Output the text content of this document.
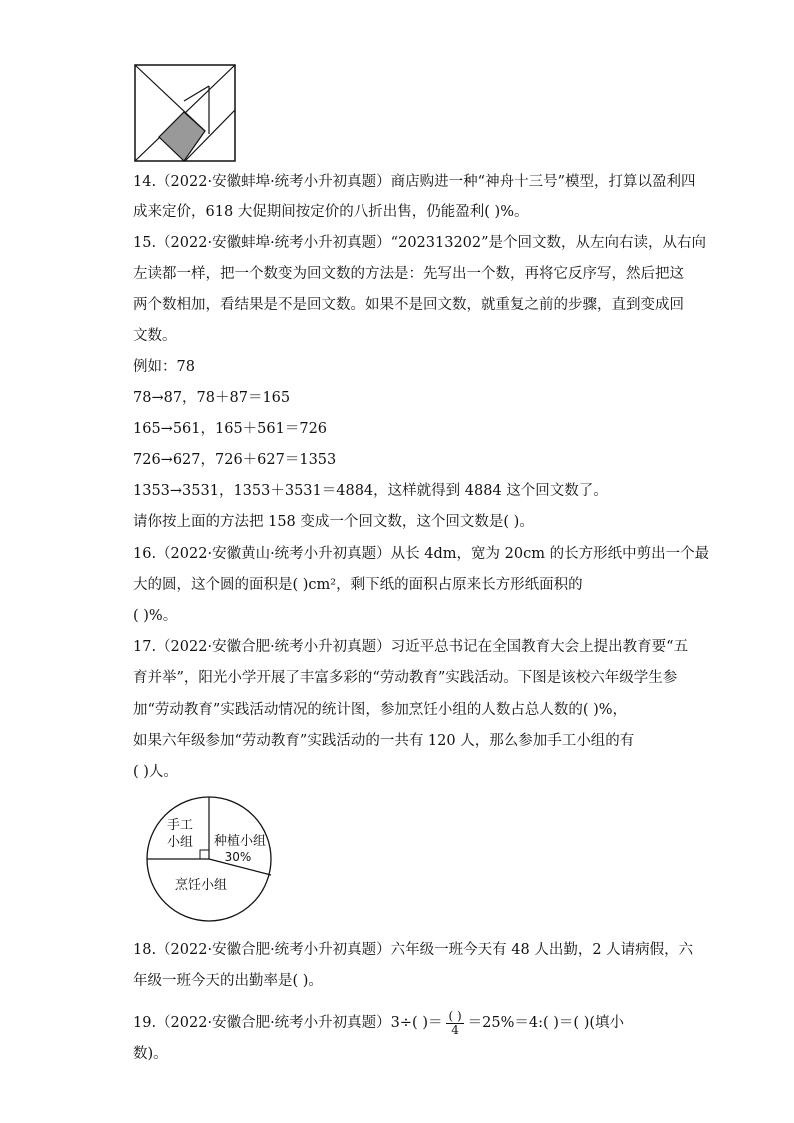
14.（2022·安徽蚌埠·统考小升初真题）商店购进一种“神舟十三号”模型，打算以盈利四
成来定价，618 大促期间按定价的八折出售，仍能盈利( )%。
15.（2022·安徽蚌埠·统考小升初真题）“202313202”是个回文数，从左向右读，从右向
左读都一样，把一个数变为回文数的方法是：先写出一个数，再将它反序写，然后把这
两个数相加，看结果是不是回文数。如果不是回文数，就重复之前的步骤，直到变成回
文数。
例如：78
78→87，78＋87＝165
165→561，165＋561＝726
726→627，726＋627＝1353
1353→3531，1353＋3531＝4884，这样就得到 4884 这个回文数了。
请你按上面的方法把 158 变成一个回文数，这个回文数是( )。
16.（2022·安徽黄山·统考小升初真题）从长 4dm，宽为 20cm 的长方形纸中剪出一个最
大的圆，这个圆的面积是( )cm²，剩下纸的面积占原来长方形纸面积的
( )%。
17.（2022·安徽合肥·统考小升初真题）习近平总书记在全国教育大会上提出教育要“五
育并举”，阳光小学开展了丰富多彩的“劳动教育”实践活动。下图是该校六年级学生参
加“劳动教育”实践活动情况的统计图，参加烹饪小组的人数占总人数的( )%，
如果六年级参加“劳动教育”实践活动的一共有 120 人，那么参加手工小组的有
( )人。
手工
小组 种植小组
30%
烹饪小组
18.（2022·安徽合肥·统考小升初真题）六年级一班今天有 48 人出勤，2 人请病假，六
年级一班今天的出勤率是( )。
19.（2022·安徽合肥·统考小升初真题）3÷( )＝ $\frac{( )}{4}$ ＝25%＝4:( )＝( )(填小
数)。
